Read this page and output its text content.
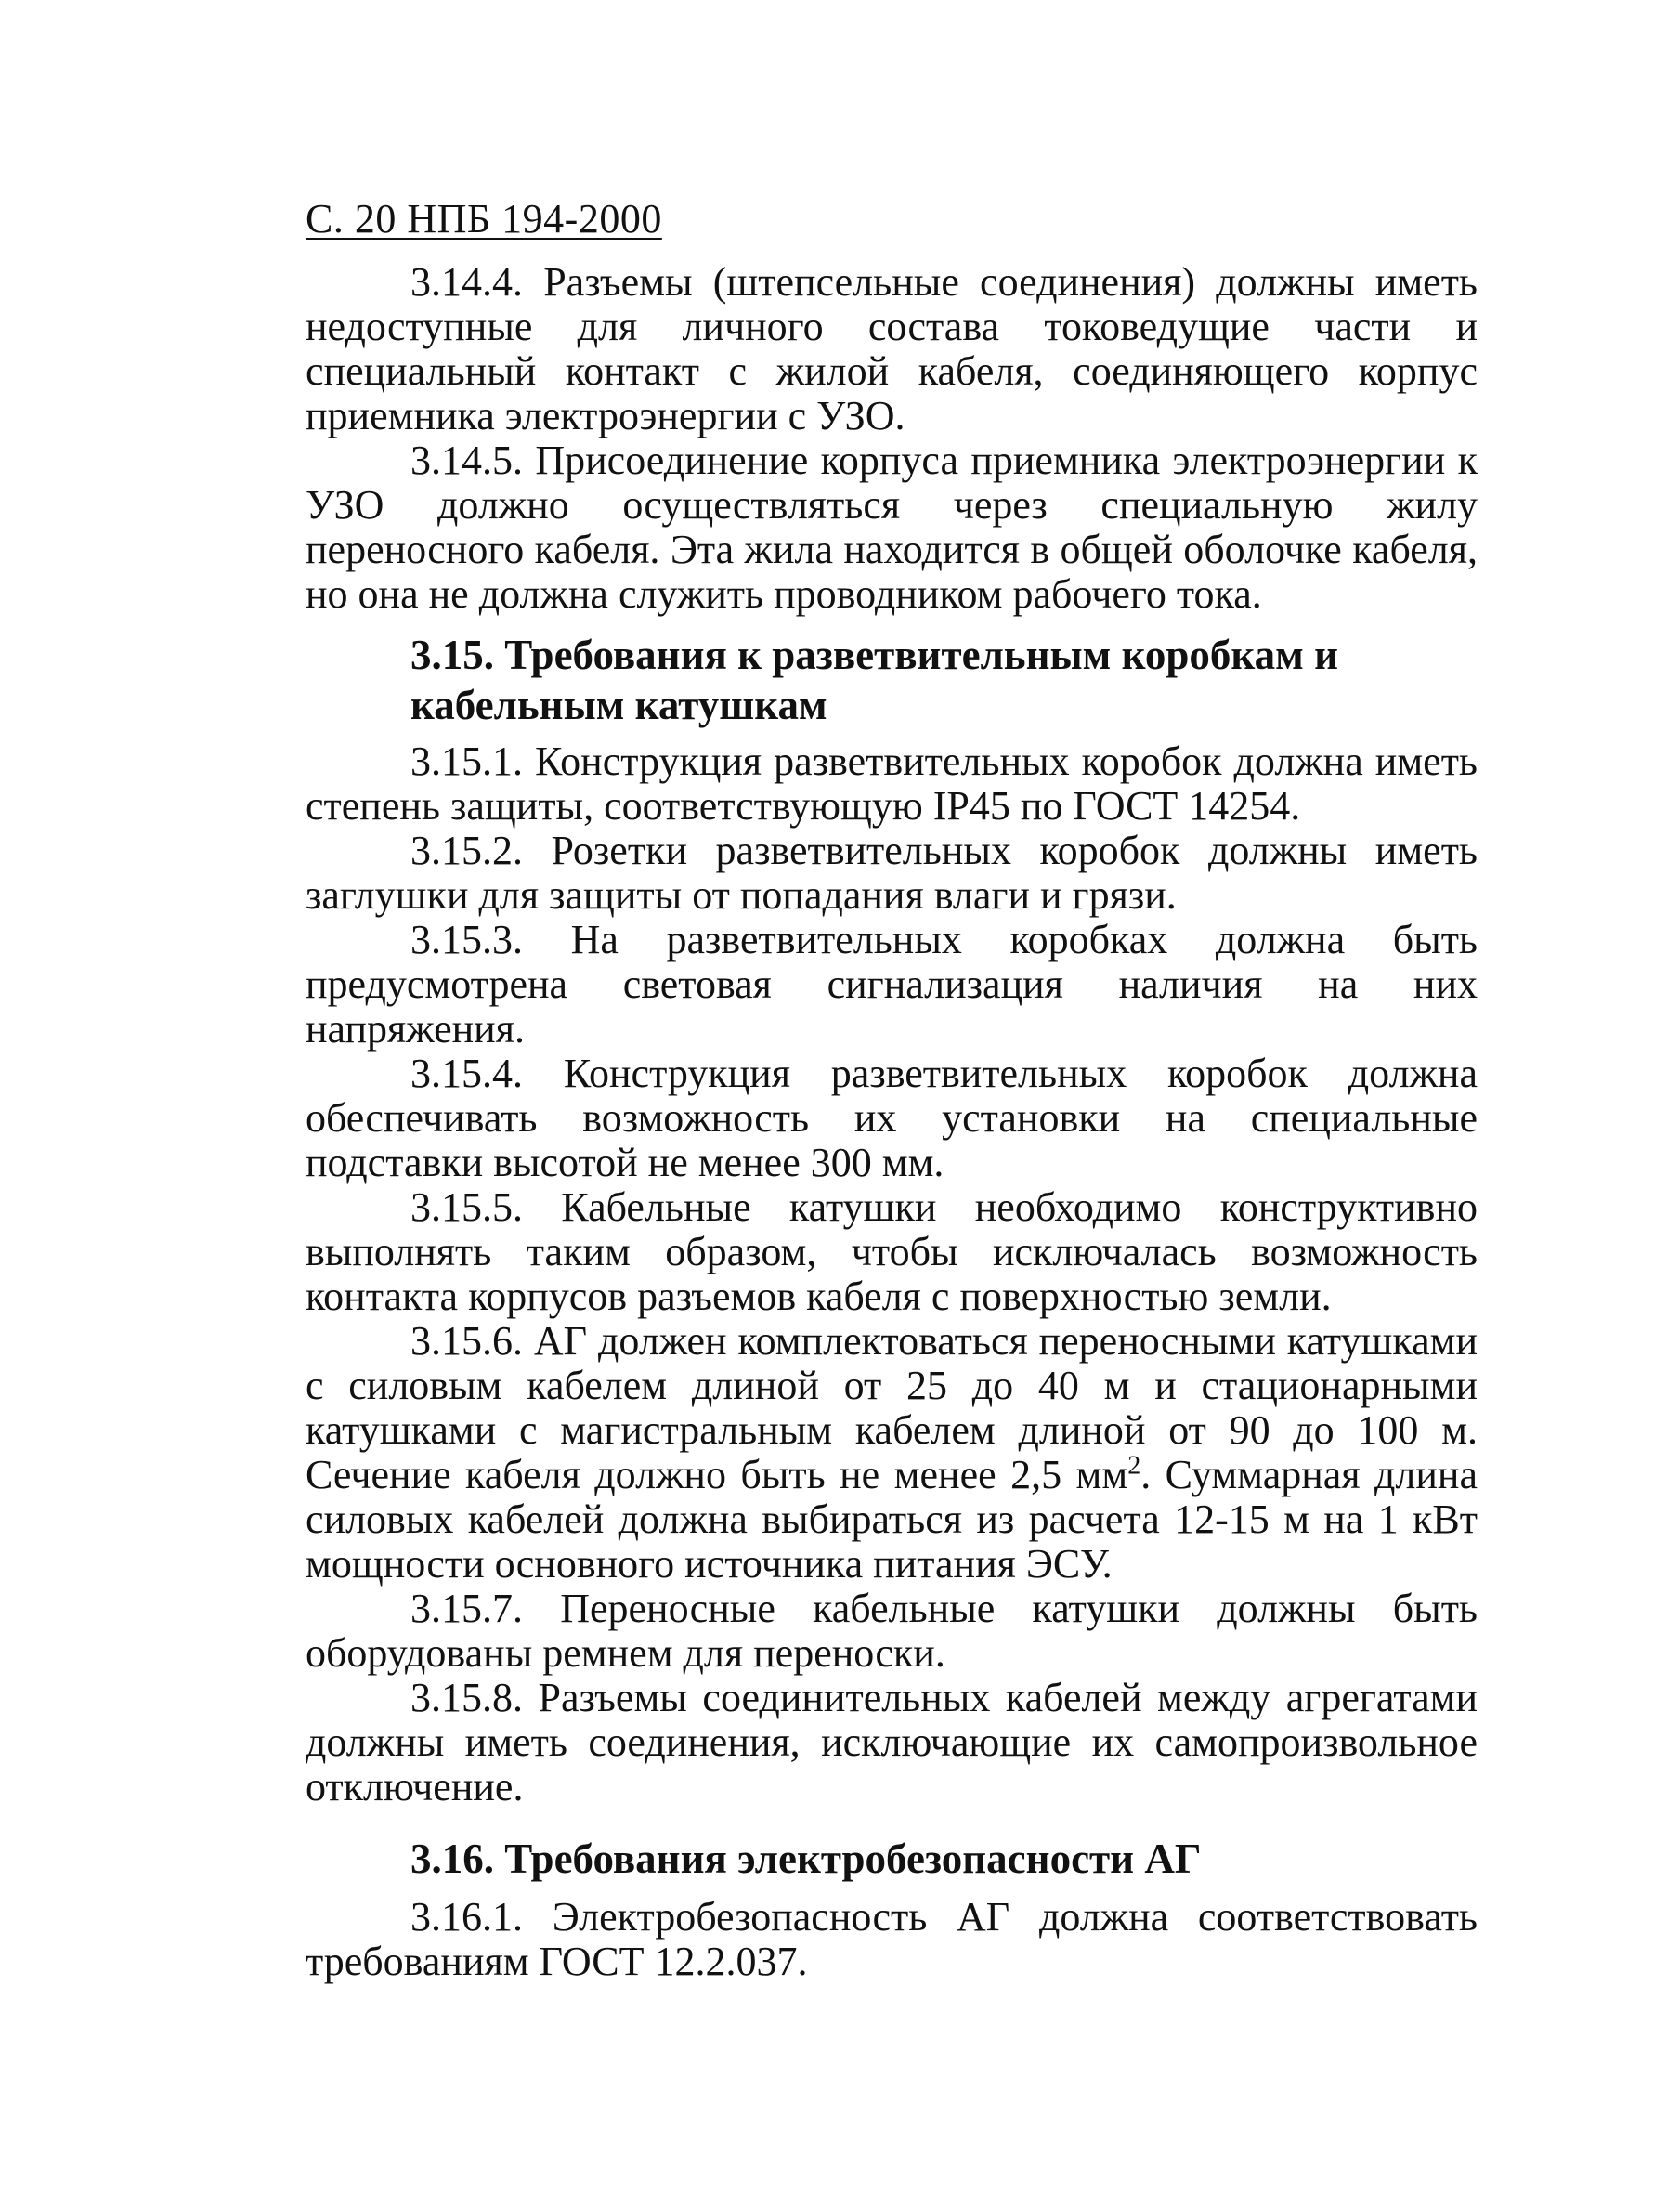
С. 20 НПБ 194-2000

3.14.4. Разъемы (штепсельные соединения) должны иметь недоступные для личного состава токоведущие части и специальный контакт с жилой кабеля, соединяющего корпус приемника электроэнергии с УЗО.

3.14.5. Присоединение корпуса приемника электроэнергии к УЗО должно осуществляться через специальную жилу переносного кабеля. Эта жила находится в общей оболочке кабеля, но она не должна служить проводником рабочего тока.

3.15. Требования к разветвительным коробкам и кабельным катушкам

3.15.1. Конструкция разветвительных коробок должна иметь степень защиты, соответствующую IP45 по ГОСТ 14254.

3.15.2. Розетки разветвительных коробок должны иметь заглушки для защиты от попадания влаги и грязи.

3.15.3. На разветвительных коробках должна быть предусмотрена световая сигнализация наличия на них напряжения.

3.15.4. Конструкция разветвительных коробок должна обеспечивать возможность их установки на специальные подставки высотой не менее 300 мм.

3.15.5. Кабельные катушки необходимо конструктивно выполнять таким образом, чтобы исключалась возможность контакта корпусов разъемов кабеля с поверхностью земли.

3.15.6. АГ должен комплектоваться переносными катушками с силовым кабелем длиной от 25 до 40 м и стационарными катушками с магистральным кабелем длиной от 90 до 100 м. Сечение кабеля должно быть не менее 2,5 $мм^2$. Суммарная длина силовых кабелей должна выбираться из расчета 12-15 м на 1 кВт мощности основного источника питания ЭСУ.

3.15.7. Переносные кабельные катушки должны быть оборудованы ремнем для переноски.

3.15.8. Разъемы соединительных кабелей между агрегатами должны иметь соединения, исключающие их самопроизвольное отключение.

3.16. Требования электробезопасности АГ

3.16.1. Электробезопасность АГ должна соответствовать требованиям ГОСТ 12.2.037.
